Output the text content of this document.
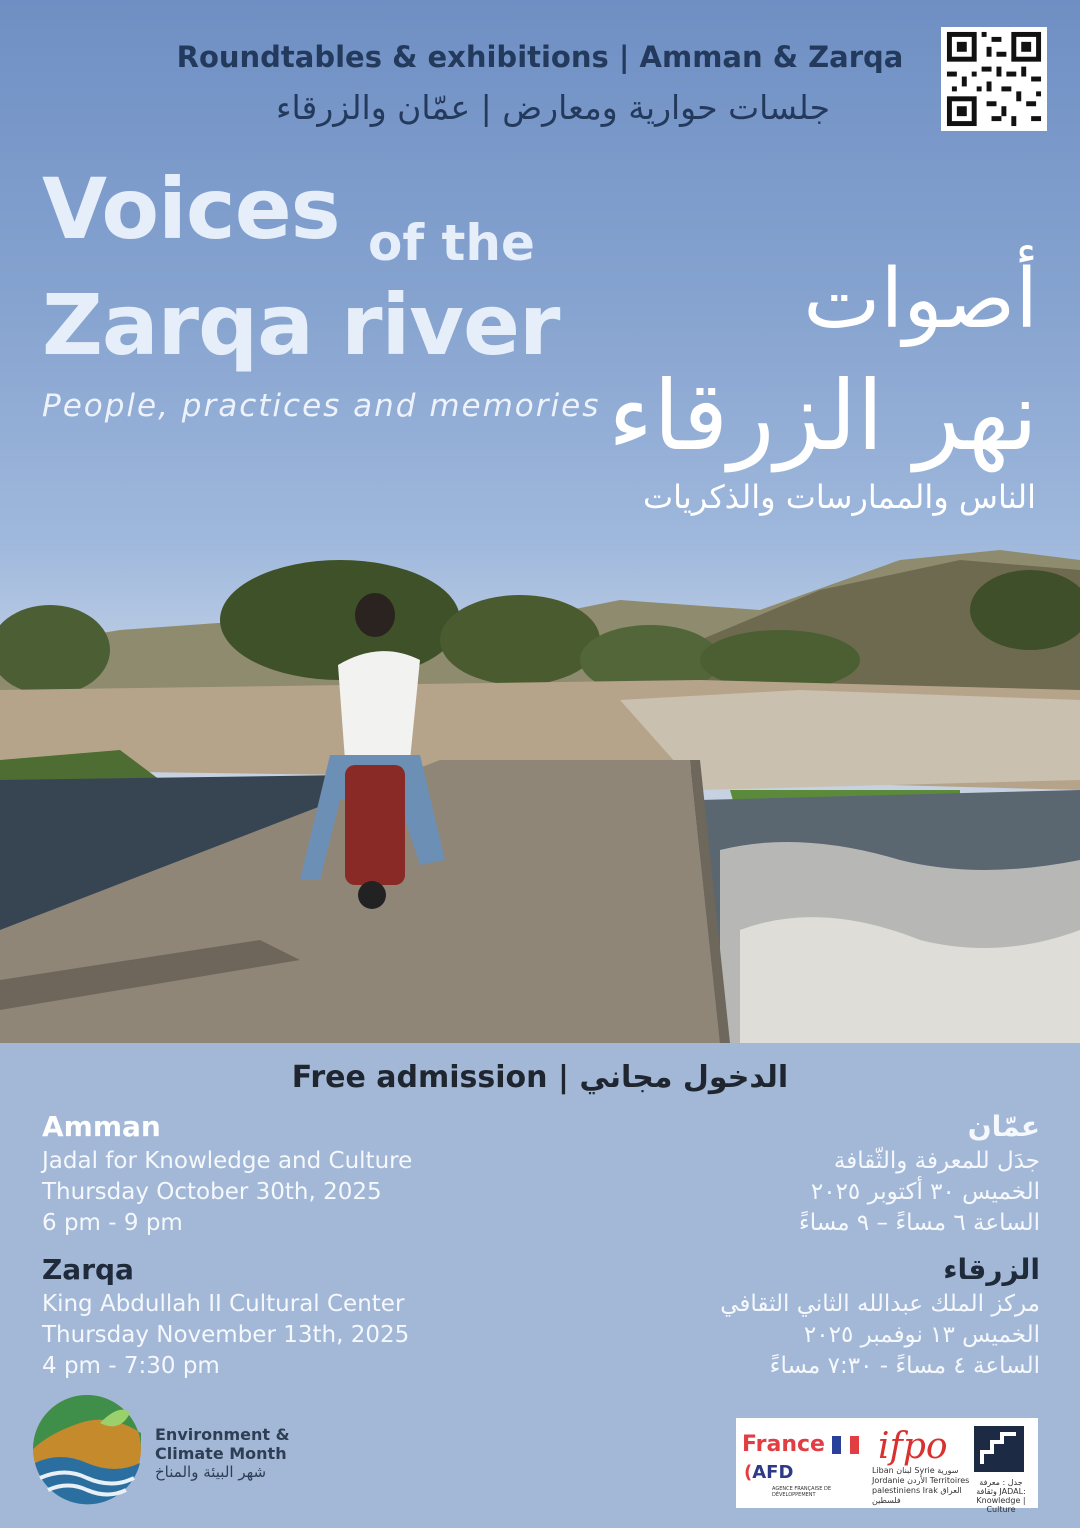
Roundtables & exhibitions | Amman & Zarqa
جلسات حوارية ومعارض | عمّان والزرقاء
Voices of the
Zarqa river
People, practices and memories
أصوات
نهر الزرقاء
الناس والممارسات والذكريات
Free admission | الدخول مجاني
Amman
Jadal for Knowledge and Culture
Thursday October 30th, 2025
6 pm - 9 pm
Zarqa
King Abdullah II Cultural Center
Thursday November 13th, 2025
4 pm - 7:30 pm
عمّان
جدَل للمعرفة والثّقافة
الخميس ٣٠ أكتوبر ٢٠٢٥
الساعة ٦ مساءً – ٩ مساءً
الزرقاء
مركز الملك عبدالله الثاني الثقافي
الخميس ١٣ نوفمبر ٢٠٢٥
الساعة ٤ مساءً - ٧:٣٠ مساءً
Environment &
Climate Month
شهر البيئة والمناخ
France
(AFD
AGENCE FRANÇAISE DE DÉVELOPPEMENT
ifpo
Liban لبنان Syrie سورية Jordanie الأردن Territoires palestiniens Irak العراق فلسطين
جدل : معرفة وثقافة JADAL: Knowledge | Culture
